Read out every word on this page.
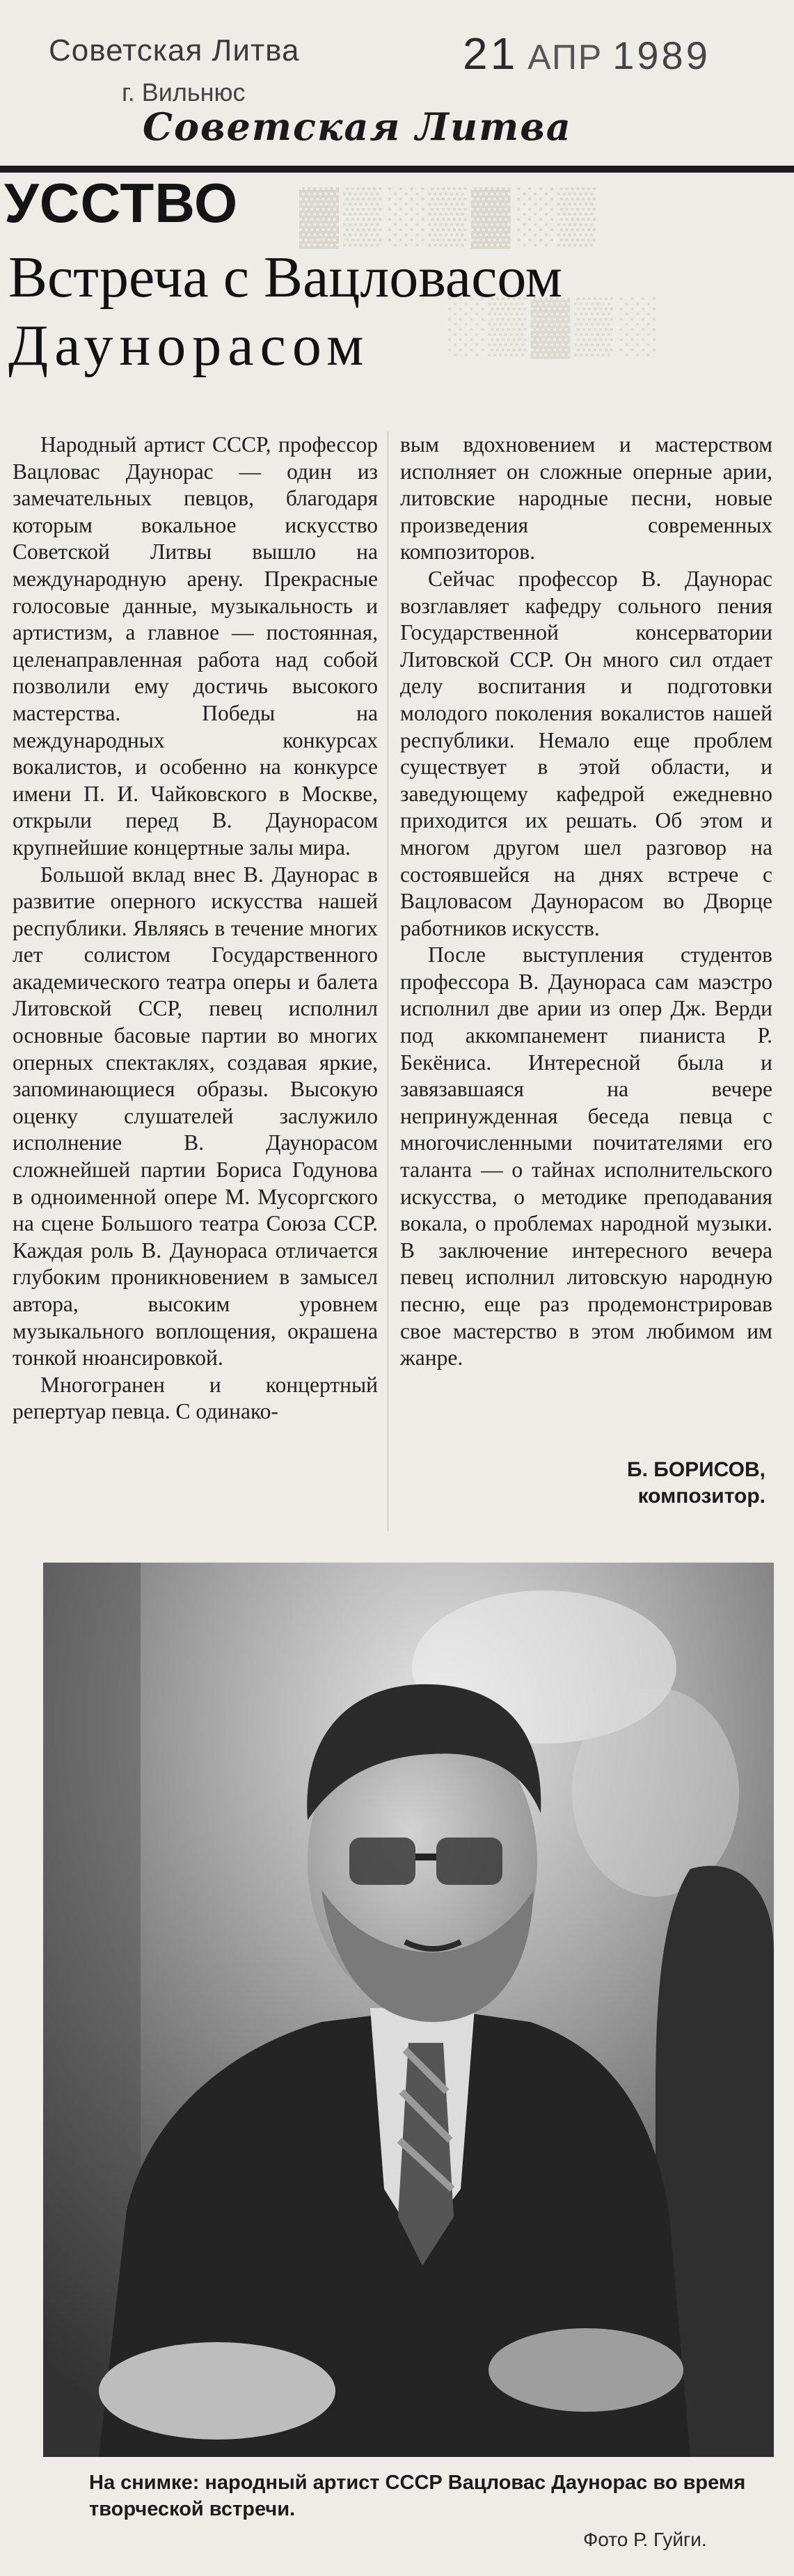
Советская Литва
г. Вильнюс
21 АПР 1989
Советская Литва
▓▒░▒▓░▒
░▒▓▒░
УССТВО
Встреча с Вацловасом
Даунорасом

Народный артист СССР, профессор Вацловас Даунорас — один из замечательных певцов, благодаря которым вокальное искусство Советской Литвы вышло на международную арену. Прекрасные голосовые данные, музыкальность и артистизм, а главное — постоянная, целенаправленная работа над собой позволили ему достичь высокого мастерства. Победы на международных конкурсах вокалистов, и особенно на конкурсе имени П. И. Чайковского в Москве, открыли перед В. Даунорасом крупнейшие концертные залы мира.

Большой вклад внес В. Даунорас в развитие оперного искусства нашей республики. Являясь в течение многих лет солистом Государственного академического театра оперы и балета Литовской ССР, певец исполнил основные басовые партии во многих оперных спектаклях, создавая яркие, запоминающиеся образы. Высокую оценку слушателей заслужило исполнение В. Даунорасом сложнейшей партии Бориса Годунова в одноименной опере М. Мусоргского на сцене Большого театра Союза ССР. Каждая роль В. Даунораса отличается глубоким проникновением в замысел автора, высоким уровнем музыкального воплощения, окрашена тонкой нюансировкой.

Многогранен и концертный репертуар певца. С одинако-

вым вдохновением и мастерством исполняет он сложные оперные арии, литовские народные песни, новые произведения современных композиторов.

Сейчас профессор В. Даунорас возглавляет кафедру сольного пения Государственной консерватории Литовской ССР. Он много сил отдает делу воспитания и подготовки молодого поколения вокалистов нашей республики. Немало еще проблем существует в этой области, и заведующему кафедрой ежедневно приходится их решать. Об этом и многом другом шел разговор на состоявшейся на днях встрече с Вацловасом Даунорасом во Дворце работников искусств.

После выступления студентов профессора В. Даунораса сам маэстро исполнил две арии из опер Дж. Верди под аккомпанемент пианиста Р. Бекёниса. Интересной была и завязавшаяся на вечере непринужденная беседа певца с многочисленными почитателями его таланта — о тайнах исполнительского искусства, о методике преподавания вокала, о проблемах народной музыки. В заключение интересного вечера певец исполнил литовскую народную песню, еще раз продемонстрировав свое мастерство в этом любимом им жанре.

Б. БОРИСОВ,
композитор.
На снимке: народный артист СССР Вацловас Даунорас во время творческой встречи.
Фото Р. Гуйги.
